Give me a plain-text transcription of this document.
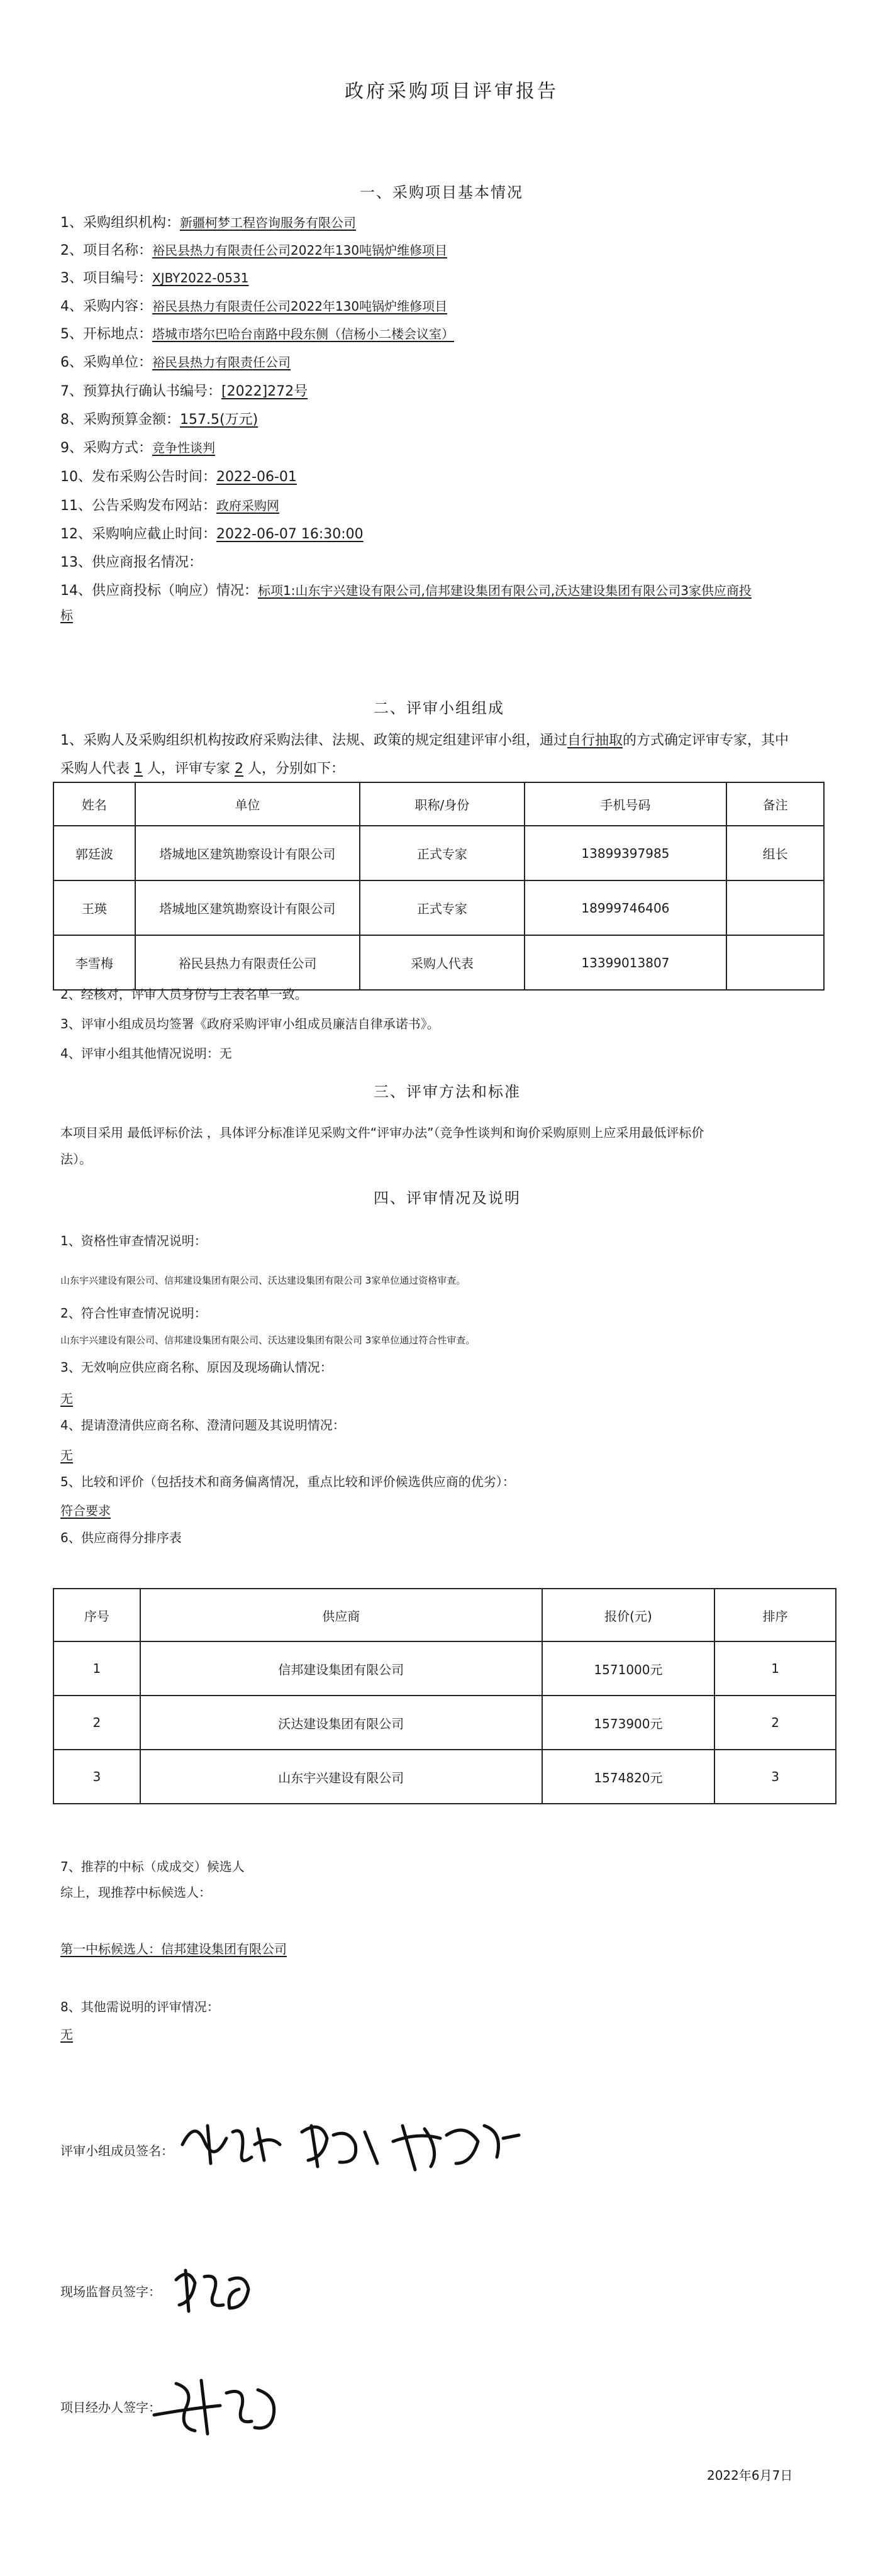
政府采购项目评审报告
一、采购项目基本情况
1、采购组织机构：新疆柯梦工程咨询服务有限公司
2、项目名称：裕民县热力有限责任公司2022年130吨锅炉维修项目
3、项目编号：XJBY2022-0531
4、采购内容：裕民县热力有限责任公司2022年130吨锅炉维修项目
5、开标地点：塔城市塔尔巴哈台南路中段东侧（信杨小二楼会议室）
6、采购单位：裕民县热力有限责任公司
7、预算执行确认书编号：[2022]272号
8、采购预算金额：157.5(万元)
9、采购方式：竞争性谈判
10、发布采购公告时间：2022-06-01
11、公告采购发布网站：政府采购网
12、采购响应截止时间：2022-06-07 16:30:00
13、供应商报名情况：
14、供应商投标（响应）情况：标项1:山东宇兴建设有限公司,信邦建设集团有限公司,沃达建设集团有限公司3家供应商投
标
二、评审小组组成
1、采购人及采购组织机构按政府采购法律、法规、政策的规定组建评审小组，通过自行抽取的方式确定评审专家，其中
采购人代表 1 人，评审专家 2 人，分别如下：
姓名	单位	职称/身份	手机号码	备注
郭廷波	塔城地区建筑勘察设计有限公司	正式专家	13899397985	组长
王瑛	塔城地区建筑勘察设计有限公司	正式专家	18999746406	
李雪梅	裕民县热力有限责任公司	采购人代表	13399013807	
2、经核对，评审人员身份与上表名单一致。
3、评审小组成员均签署《政府采购评审小组成员廉洁自律承诺书》。
4、评审小组其他情况说明：无
三、评审方法和标准
本项目采用 最低评标价法 ，具体评分标准详见采购文件“评审办法”（竞争性谈判和询价采购原则上应采用最低评标价
法）。
四、评审情况及说明
1、资格性审查情况说明：
山东宇兴建设有限公司、信邦建设集团有限公司、沃达建设集团有限公司 3家单位通过资格审查。
2、符合性审查情况说明：
山东宇兴建设有限公司、信邦建设集团有限公司、沃达建设集团有限公司 3家单位通过符合性审查。
3、无效响应供应商名称、原因及现场确认情况：
无
4、提请澄清供应商名称、澄清问题及其说明情况：
无
5、比较和评价（包括技术和商务偏离情况，重点比较和评价候选供应商的优劣）：
符合要求
6、供应商得分排序表
序号	供应商	报价(元)	排序
1	信邦建设集团有限公司	1571000元	1
2	沃达建设集团有限公司	1573900元	2
3	山东宇兴建设有限公司	1574820元	3
7、推荐的中标（成成交）候选人
综上，现推荐中标候选人：
第一中标候选人：信邦建设集团有限公司
8、其他需说明的评审情况：
无
评审小组成员签名：
现场监督员签字：
项目经办人签字：
2022年6月7日
